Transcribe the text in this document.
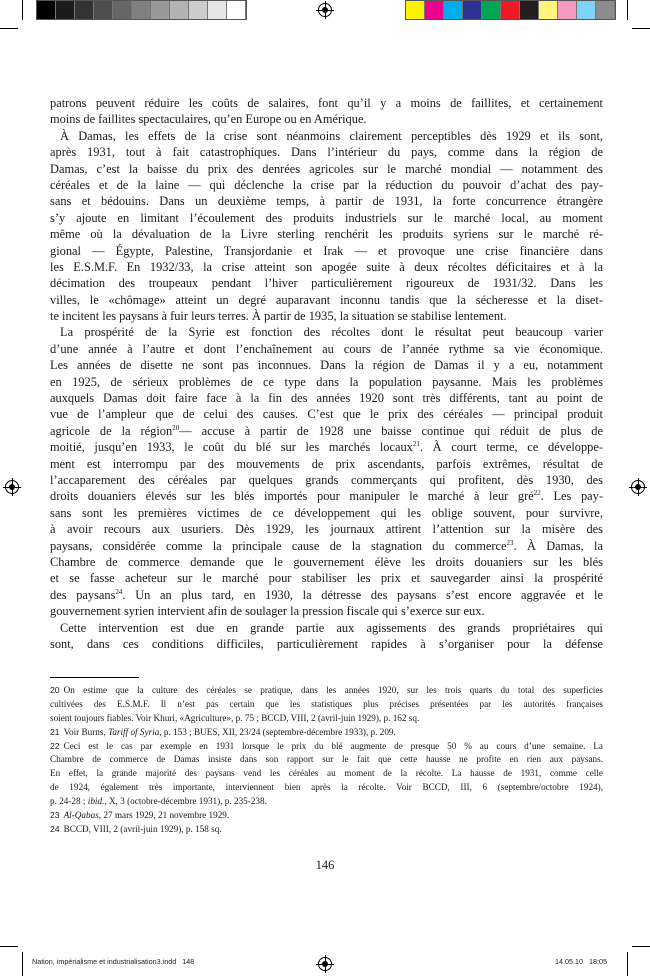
patrons peuvent réduire les coûts de salaires, font qu’il y a moins de faillites, et certainement
moins de faillites spectaculaires, qu’en Europe ou en Amérique.
À Damas, les effets de la crise sont néanmoins clairement perceptibles dès 1929 et ils sont,
après 1931, tout à fait catastrophiques. Dans l’intérieur du pays, comme dans la région de
Damas, c’est la baisse du prix des denrées agricoles sur le marché mondial — notamment des
céréales et de la laine — qui déclenche la crise par la réduction du pouvoir d’achat des pay-
sans et bédouins. Dans un deuxième temps, à partir de 1931, la forte concurrence étrangère
s’y ajoute en limitant l’écoulement des produits industriels sur le marché local, au moment
même où la dévaluation de la Livre sterling renchérit les produits syriens sur le marché ré-
gional — Égypte, Palestine, Transjordanie et Irak — et provoque une crise financière dans
les E.S.M.F. En 1932/33, la crise atteint son apogée suite à deux récoltes déficitaires et à la
décimation des troupeaux pendant l’hiver particulièrement rigoureux de 1931/32. Dans les
villes, le «chômage» atteint un degré auparavant inconnu tandis que la sécheresse et la diset-
te incitent les paysans à fuir leurs terres. À partir de 1935, la situation se stabilise lentement.
La prospérité de la Syrie est fonction des récoltes dont le résultat peut beaucoup varier
d’une année à l’autre et dont l’enchaînement au cours de l’année rythme sa vie économique.
Les années de disette ne sont pas inconnues. Dans la région de Damas il y a eu, notamment
en 1925, de sérieux problèmes de ce type dans la population paysanne. Mais les problèmes
auxquels Damas doit faire face à la fin des années 1920 sont très différents, tant au point de
vue de l’ampleur que de celui des causes. C’est que le prix des céréales — principal produit
agricole de la région$^{20}$— accuse à partir de 1928 une baisse continue qui réduit de plus de
moitié, jusqu’en 1933, le coût du blé sur les marchés locaux$^{21}$. À court terme, ce développe-
ment est interrompu par des mouvements de prix ascendants, parfois extrêmes, résultat de
l’accaparement des céréales par quelques grands commerçants qui profitent, dès 1930, des
droits douaniers élevés sur les blés importés pour manipuler le marché à leur gré$^{22}$. Les pay-
sans sont les premières victimes de ce développement qui les oblige souvent, pour survivre,
à avoir recours aux usuriers. Dès 1929, les journaux attirent l’attention sur la misère des
paysans, considérée comme la principale cause de la stagnation du commerce$^{23}$. À Damas, la
Chambre de commerce demande que le gouvernement élève les droits douaniers sur les blés
et se fasse acheteur sur le marché pour stabiliser les prix et sauvegarder ainsi la prospérité
des paysans$^{24}$. Un an plus tard, en 1930, la détresse des paysans s’est encore aggravée et le
gouvernement syrien intervient afin de soulager la pression fiscale qui s’exerce sur eux.
Cette intervention est due en grande partie aux agissements des grands propriétaires qui
sont, dans ces conditions difficiles, particulièrement rapides à s’organiser pour la défense
20 On estime que la culture des céréales se pratique, dans les années 1920, sur les trois quarts du total des superficies
cultivées des E.S.M.F. Il n’est pas certain que les statistiques plus précises présentées par les autorités françaises
soient toujours fiables. Voir Khuri, «Agriculture», p. 75 ; BCCD, VIII, 2 (avril-juin 1929), p. 162 sq.
21 Voir Burns, Tariff of Syria, p. 153 ; BUES, XII, 23/24 (septembre-décembre 1933), p. 209.
22 Ceci est le cas par exemple en 1931 lorsque le prix du blé augmente de presque 50 % au cours d’une semaine. La
Chambre de commerce de Damas insiste dans son rapport sur le fait que cette hausse ne profite en rien aux paysans.
En effet, la grande majorité des paysans vend les céréales au moment de la récolte. La hausse de 1931, comme celle
de 1924, également très importante, interviennent bien après la récolte. Voir BCCD, III, 6 (septembre/octobre 1924),
p. 24-28 ; ibid., X, 3 (octobre-décembre 1931), p. 235-238.
23 Al-Qabas, 27 mars 1929, 21 novembre 1929.
24 BCCD, VIII, 2 (avril-juin 1929), p. 158 sq.
146
Nation, impérialisme et industrialisation3.indd   148	14.05.10   18:05
